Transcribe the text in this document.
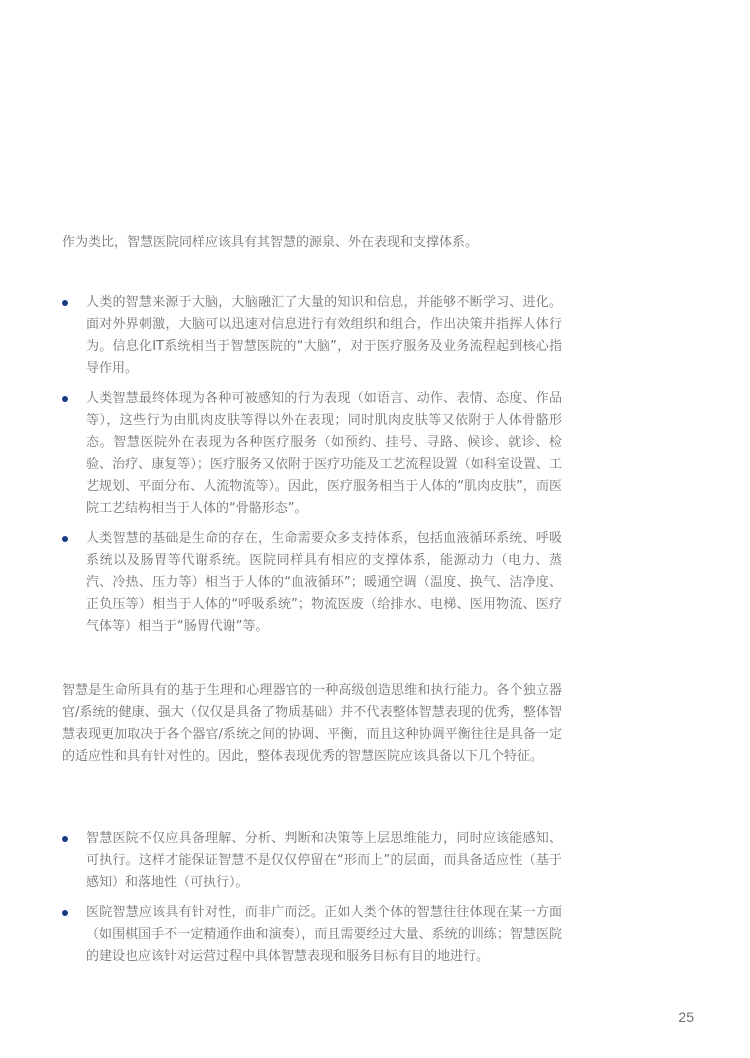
作为类比，智慧医院同样应该具有其智慧的源泉、外在表现和支撑体系。

人类的智慧来源于大脑，大脑融汇了大量的知识和信息，并能够不断学习、进化。面对外界刺激，大脑可以迅速对信息进行有效组织和组合，作出决策并指挥人体行为。信息化IT系统相当于智慧医院的“大脑”，对于医疗服务及业务流程起到核心指导作用。
人类智慧最终体现为各种可被感知的行为表现（如语言、动作、表情、态度、作品等），这些行为由肌肉皮肤等得以外在表现；同时肌肉皮肤等又依附于人体骨骼形态。智慧医院外在表现为各种医疗服务（如预约、挂号、寻路、候诊、就诊、检验、治疗、康复等）；医疗服务又依附于医疗功能及工艺流程设置（如科室设置、工艺规划、平面分布、人流物流等）。因此，医疗服务相当于人体的“肌肉皮肤”，而医院工艺结构相当于人体的“骨骼形态”。
人类智慧的基础是生命的存在，生命需要众多支持体系，包括血液循环系统、呼吸系统以及肠胃等代谢系统。医院同样具有相应的支撑体系，能源动力（电力、蒸汽、冷热、压力等）相当于人体的“血液循环”；暖通空调（温度、换气、洁净度、正负压等）相当于人体的“呼吸系统”；物流医废（给排水、电梯、医用物流、医疗气体等）相当于“肠胃代谢”等。

智慧是生命所具有的基于生理和心理器官的一种高级创造思维和执行能力。各个独立器官/系统的健康、强大（仅仅是具备了物质基础）并不代表整体智慧表现的优秀，整体智慧表现更加取决于各个器官/系统之间的协调、平衡，而且这种协调平衡往往是具备一定的适应性和具有针对性的。因此，整体表现优秀的智慧医院应该具备以下几个特征。

智慧医院不仅应具备理解、分析、判断和决策等上层思维能力，同时应该能感知、可执行。这样才能保证智慧不是仅仅停留在“形而上”的层面，而具备适应性（基于感知）和落地性（可执行）。
医院智慧应该具有针对性，而非广而泛。正如人类个体的智慧往往体现在某一方面（如围棋国手不一定精通作曲和演奏），而且需要经过大量、系统的训练；智慧医院的建设也应该针对运营过程中具体智慧表现和服务目标有目的地进行。
25
